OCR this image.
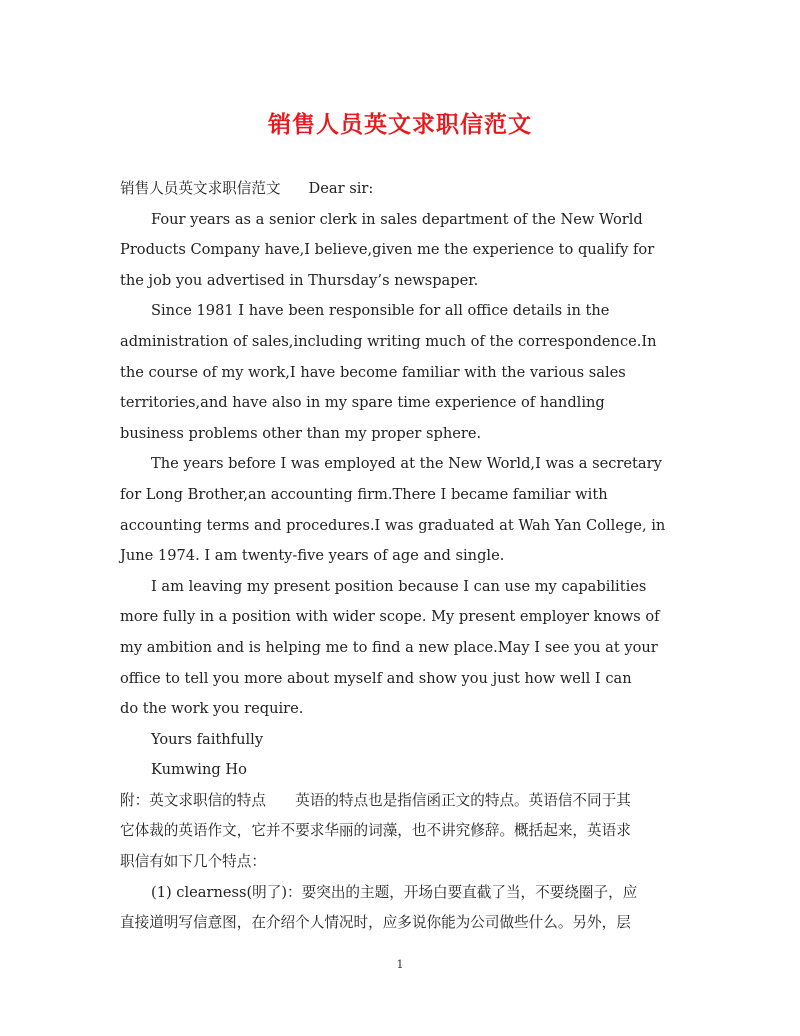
销售人员英文求职信范文
销售人员英文求职信范文 Dear sir:
Four years as a senior clerk in sales department of the New World
Products Company have,I believe,given me the experience to qualify for
the job you advertised in Thursday’s newspaper.
Since 1981 I have been responsible for all office details in the
administration of sales,including writing much of the correspondence.In
the course of my work,I have become familiar with the various sales
territories,and have also in my spare time experience of handling
business problems other than my proper sphere.
The years before I was employed at the New World,I was a secretary
for Long Brother,an accounting firm.There I became familiar with
accounting terms and procedures.I was graduated at Wah Yan College, in
June 1974. I am twenty-five years of age and single.
I am leaving my present position because I can use my capabilities
more fully in a position with wider scope. My present employer knows of
my ambition and is helping me to find a new place.May I see you at your
office to tell you more about myself and show you just how well I can
do the work you require.
Yours faithfully
Kumwing Ho
附：英文求职信的特点　　英语的特点也是指信函正文的特点。英语信不同于其
它体裁的英语作文，它并不要求华丽的词藻，也不讲究修辞。概括起来，英语求
职信有如下几个特点：
(1) clearness(明了)：要突出的主题，开场白要直截了当，不要绕圈子，应
直接道明写信意图，在介绍个人情况时，应多说你能为公司做些什么。另外，层
1
